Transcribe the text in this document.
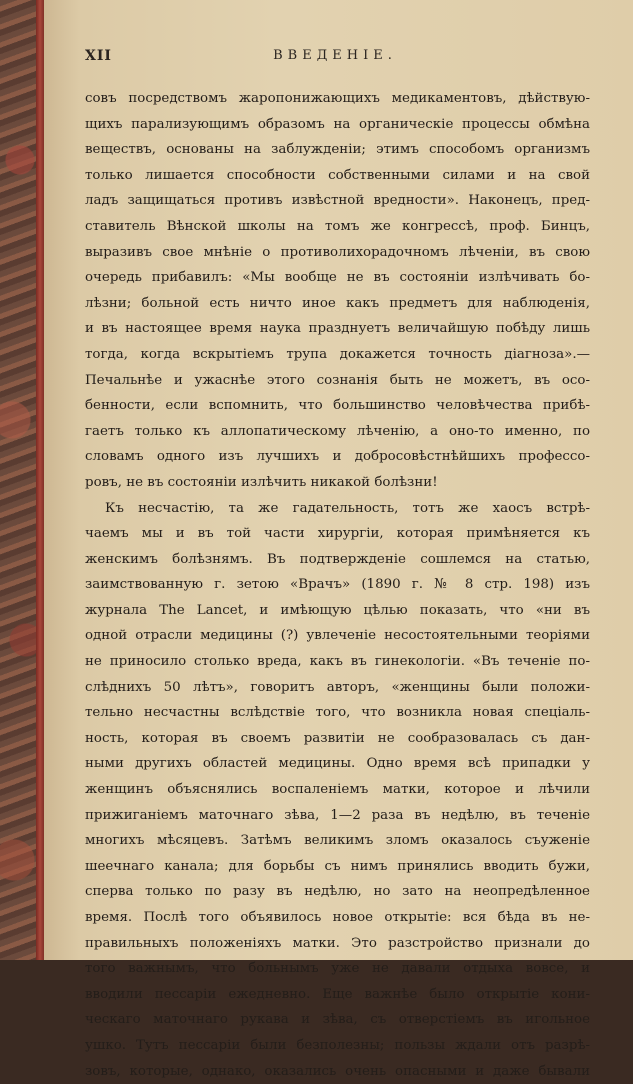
XII	ВВЕДЕНІЕ.
совъ посредствомъ жаропонижающихъ медикаментовъ, дѣйствую-
щихъ парализующимъ образомъ на органическіе процессы обмѣна
веществъ, основаны на заблужденіи; этимъ способомъ организмъ
только лишается способности собственными силами и на свой
ладъ защищаться противъ извѣстной вредности». Наконецъ, пред-
ставитель Вѣнской школы на томъ же конгрессѣ, проф. Бинцъ,
выразивъ свое мнѣніе о противолихорадочномъ лѣченіи, въ свою
очередь прибавилъ: «Мы вообще не въ состояніи излѣчивать бо-
лѣзни; больной есть ничто иное какъ предметъ для наблюденія,
и въ настоящее время наука празднуетъ величайшую побѣду лишь
тогда, когда вскрытіемъ трупа докажется точность діагноза».—
Печальнѣе и ужаснѣе этого сознанія быть не можетъ, въ осо-
бенности, если вспомнить, что большинство человѣчества прибѣ-
гаетъ только къ аллопатическому лѣченію, а оно-то именно, по
словамъ одного изъ лучшихъ и добросовѣстнѣйшихъ профессо-
ровъ, не въ состояніи излѣчить никакой болѣзни!
Къ несчастію, та же гадательность, тотъ же хаосъ встрѣ-
чаемъ мы и въ той части хирургіи, которая примѣняется къ
женскимъ болѣзнямъ. Въ подтвержденіе сошлемся на статью,
заимствованную г. зетою «Врачъ» (1890 г. № 8 стр. 198) изъ
журнала The Lancet, и имѣющую цѣлью показать, что «ни въ
одной отрасли медицины (?) увлеченіе несостоятельными теоріями
не приносило столько вреда, какъ въ гинекологіи. «Въ теченіе по-
слѣднихъ 50 лѣтъ», говоритъ авторъ, «женщины были положи-
тельно несчастны вслѣдствіе того, что возникла новая спеціаль-
ность, которая въ своемъ развитіи не сообразовалась съ дан-
ными другихъ областей медицины. Одно время всѣ припадки у
женщинъ объяснялись воспаленіемъ матки, которое и лѣчили
прижиганіемъ маточнаго зѣва, 1—2 раза въ недѣлю, въ теченіе
многихъ мѣсяцевъ. Затѣмъ великимъ зломъ оказалось съуженіе
шеечнаго канала; для борьбы съ нимъ принялись вводить бужи,
сперва только по разу въ недѣлю, но зато на неопредѣленное
время. Послѣ того объявилось новое открытіе: вся бѣда въ не-
правильныхъ положеніяхъ матки. Это разстройство признали до
того важнымъ, что больнымъ уже не давали отдыха вовсе, и
вводили пессаріи ежедневно. Еще важнѣе было открытіе кони-
ческаго маточнаго рукава и зѣва, съ отверстіемъ въ игольное
ушко. Тутъ пессаріи были безполезны; пользы ждали отъ разрѣ-
зовъ, которые, однако, оказались очень опасными и даже бывали
